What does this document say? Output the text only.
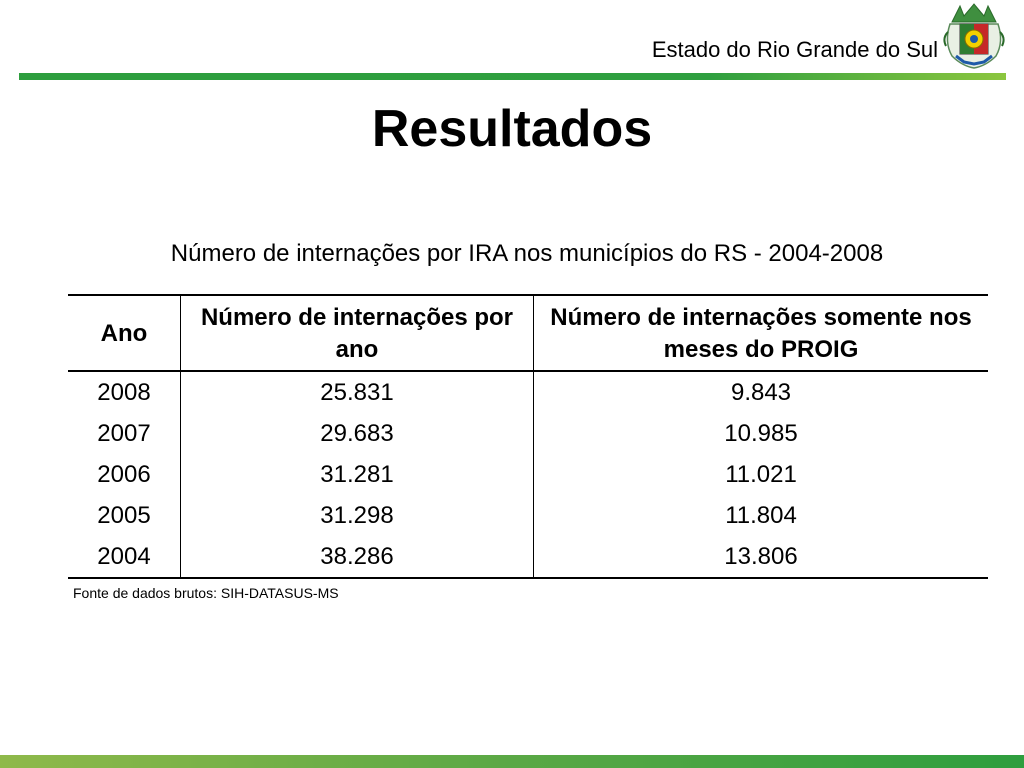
Estado do Rio Grande do Sul
Resultados
Número de internações por IRA nos municípios do RS - 2004-2008
Ano	Número de internações por ano	Número de internações somente nos meses do PROIG
2008	25.831	9.843
2007	29.683	10.985
2006	31.281	11.021
2005	31.298	11.804
2004	38.286	13.806
Fonte de dados brutos: SIH-DATASUS-MS
